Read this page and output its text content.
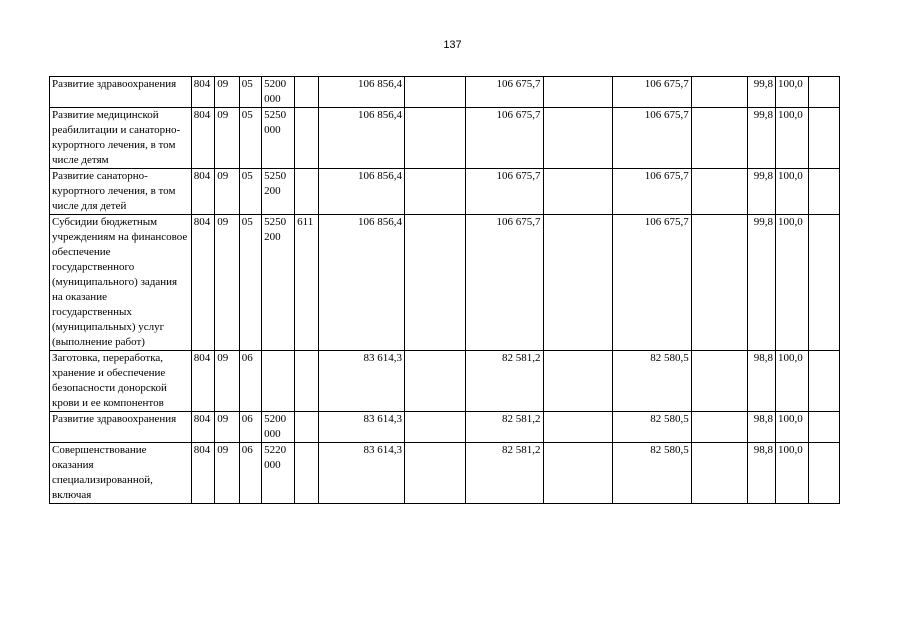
137
Развитие здравоохранения	804	09	05	5200 000		106 856,4		106 675,7		106 675,7		99,8	100,0	
Развитие медицинской реабилитации и санаторно-курортного лечения, в том числе детям	804	09	05	5250 000		106 856,4		106 675,7		106 675,7		99,8	100,0	
Развитие санаторно-курортного лечения, в том числе для детей	804	09	05	5250 200		106 856,4		106 675,7		106 675,7		99,8	100,0	
Субсидии бюджетным учреждениям на финансовое обеспечение государственного (муниципального) задания на оказание государственных (муниципальных) услуг (выполнение работ)	804	09	05	5250 200	611	106 856,4		106 675,7		106 675,7		99,8	100,0	
Заготовка, переработка, хранение и обеспечение безопасности донорской крови и ее компонентов	804	09	06			83 614,3		82 581,2		82 580,5		98,8	100,0	
Развитие здравоохранения	804	09	06	5200 000		83 614,3		82 581,2		82 580,5		98,8	100,0	
Совершенствование оказания специализированной, включая	804	09	06	5220 000		83 614,3		82 581,2		82 580,5		98,8	100,0	
